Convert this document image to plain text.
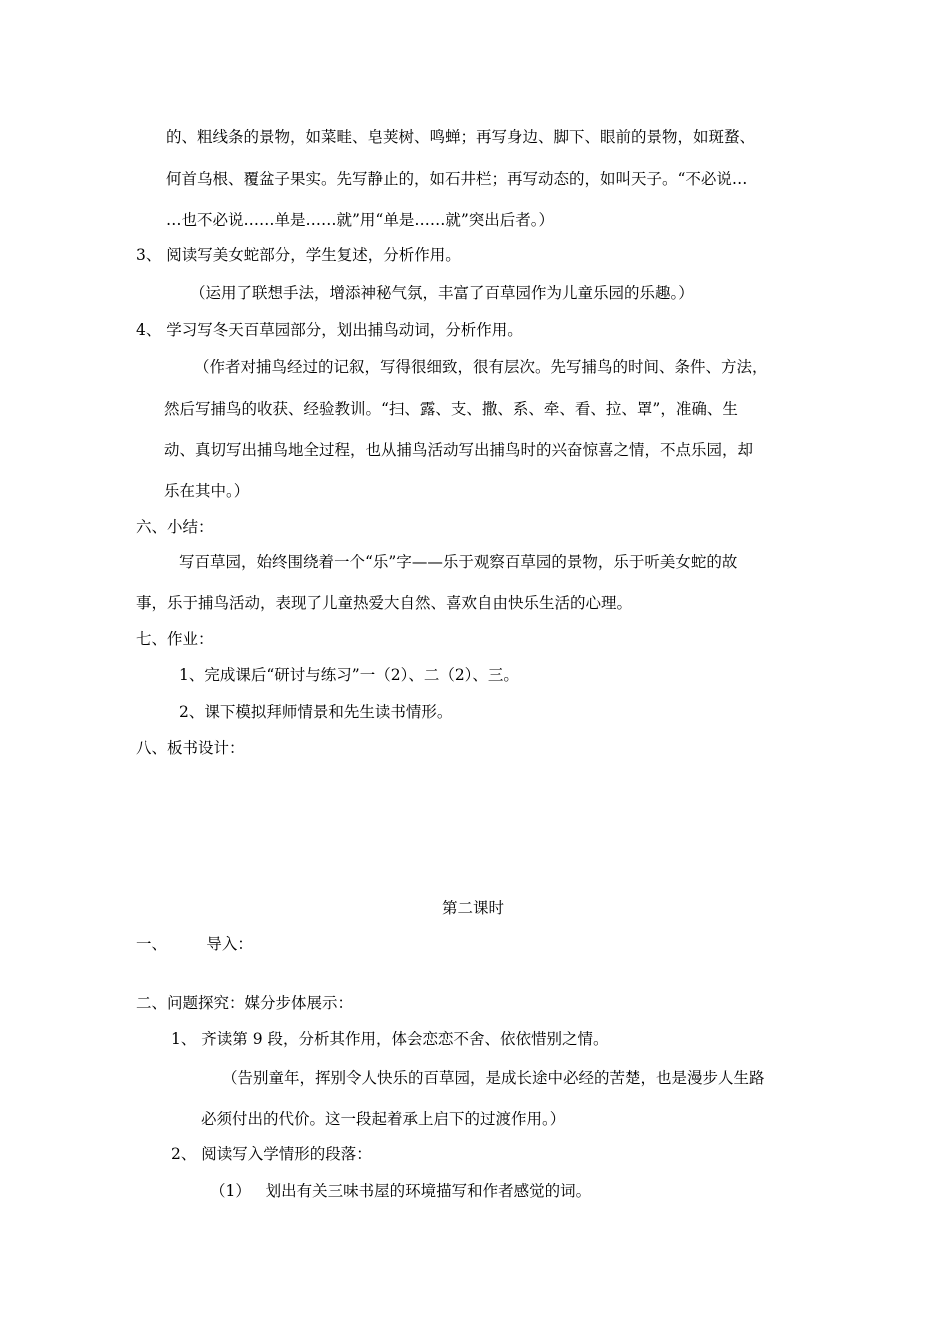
的、粗线条的景物，如菜畦、皂荚树、鸣蝉；再写身边、脚下、眼前的景物，如斑蝥、
何首乌根、覆盆子果实。先写静止的，如石井栏；再写动态的，如叫天子。“不必说…
…也不必说……单是……就”用“单是……就”突出后者。）
3、 阅读写美女蛇部分，学生复述，分析作用。
（运用了联想手法，增添神秘气氛，丰富了百草园作为儿童乐园的乐趣。）
4、 学习写冬天百草园部分，划出捕鸟动词，分析作用。
（作者对捕鸟经过的记叙，写得很细致，很有层次。先写捕鸟的时间、条件、方法，
然后写捕鸟的收获、经验教训。“扫、露、支、撒、系、牵、看、拉、罩”，准确、生
动、真切写出捕鸟地全过程，也从捕鸟活动写出捕鸟时的兴奋惊喜之情，不点乐园，却
乐在其中。）
六、小结：
写百草园，始终围绕着一个“乐”字——乐于观察百草园的景物，乐于听美女蛇的故
事，乐于捕鸟活动，表现了儿童热爱大自然、喜欢自由快乐生活的心理。
七、作业：
1、完成课后“研讨与练习”一（2）、二（2）、三。
2、课下模拟拜师情景和先生读书情形。
八、板书设计：
第二课时
一、        导入：
二、问题探究：媒分步体展示：
1、 齐读第 9 段，分析其作用，体会恋恋不舍、依依惜别之情。
（告别童年，挥别令人快乐的百草园，是成长途中必经的苦楚，也是漫步人生路
必须付出的代价。这一段起着承上启下的过渡作用。）
2、 阅读写入学情形的段落：
（1）   划出有关三味书屋的环境描写和作者感觉的词。
